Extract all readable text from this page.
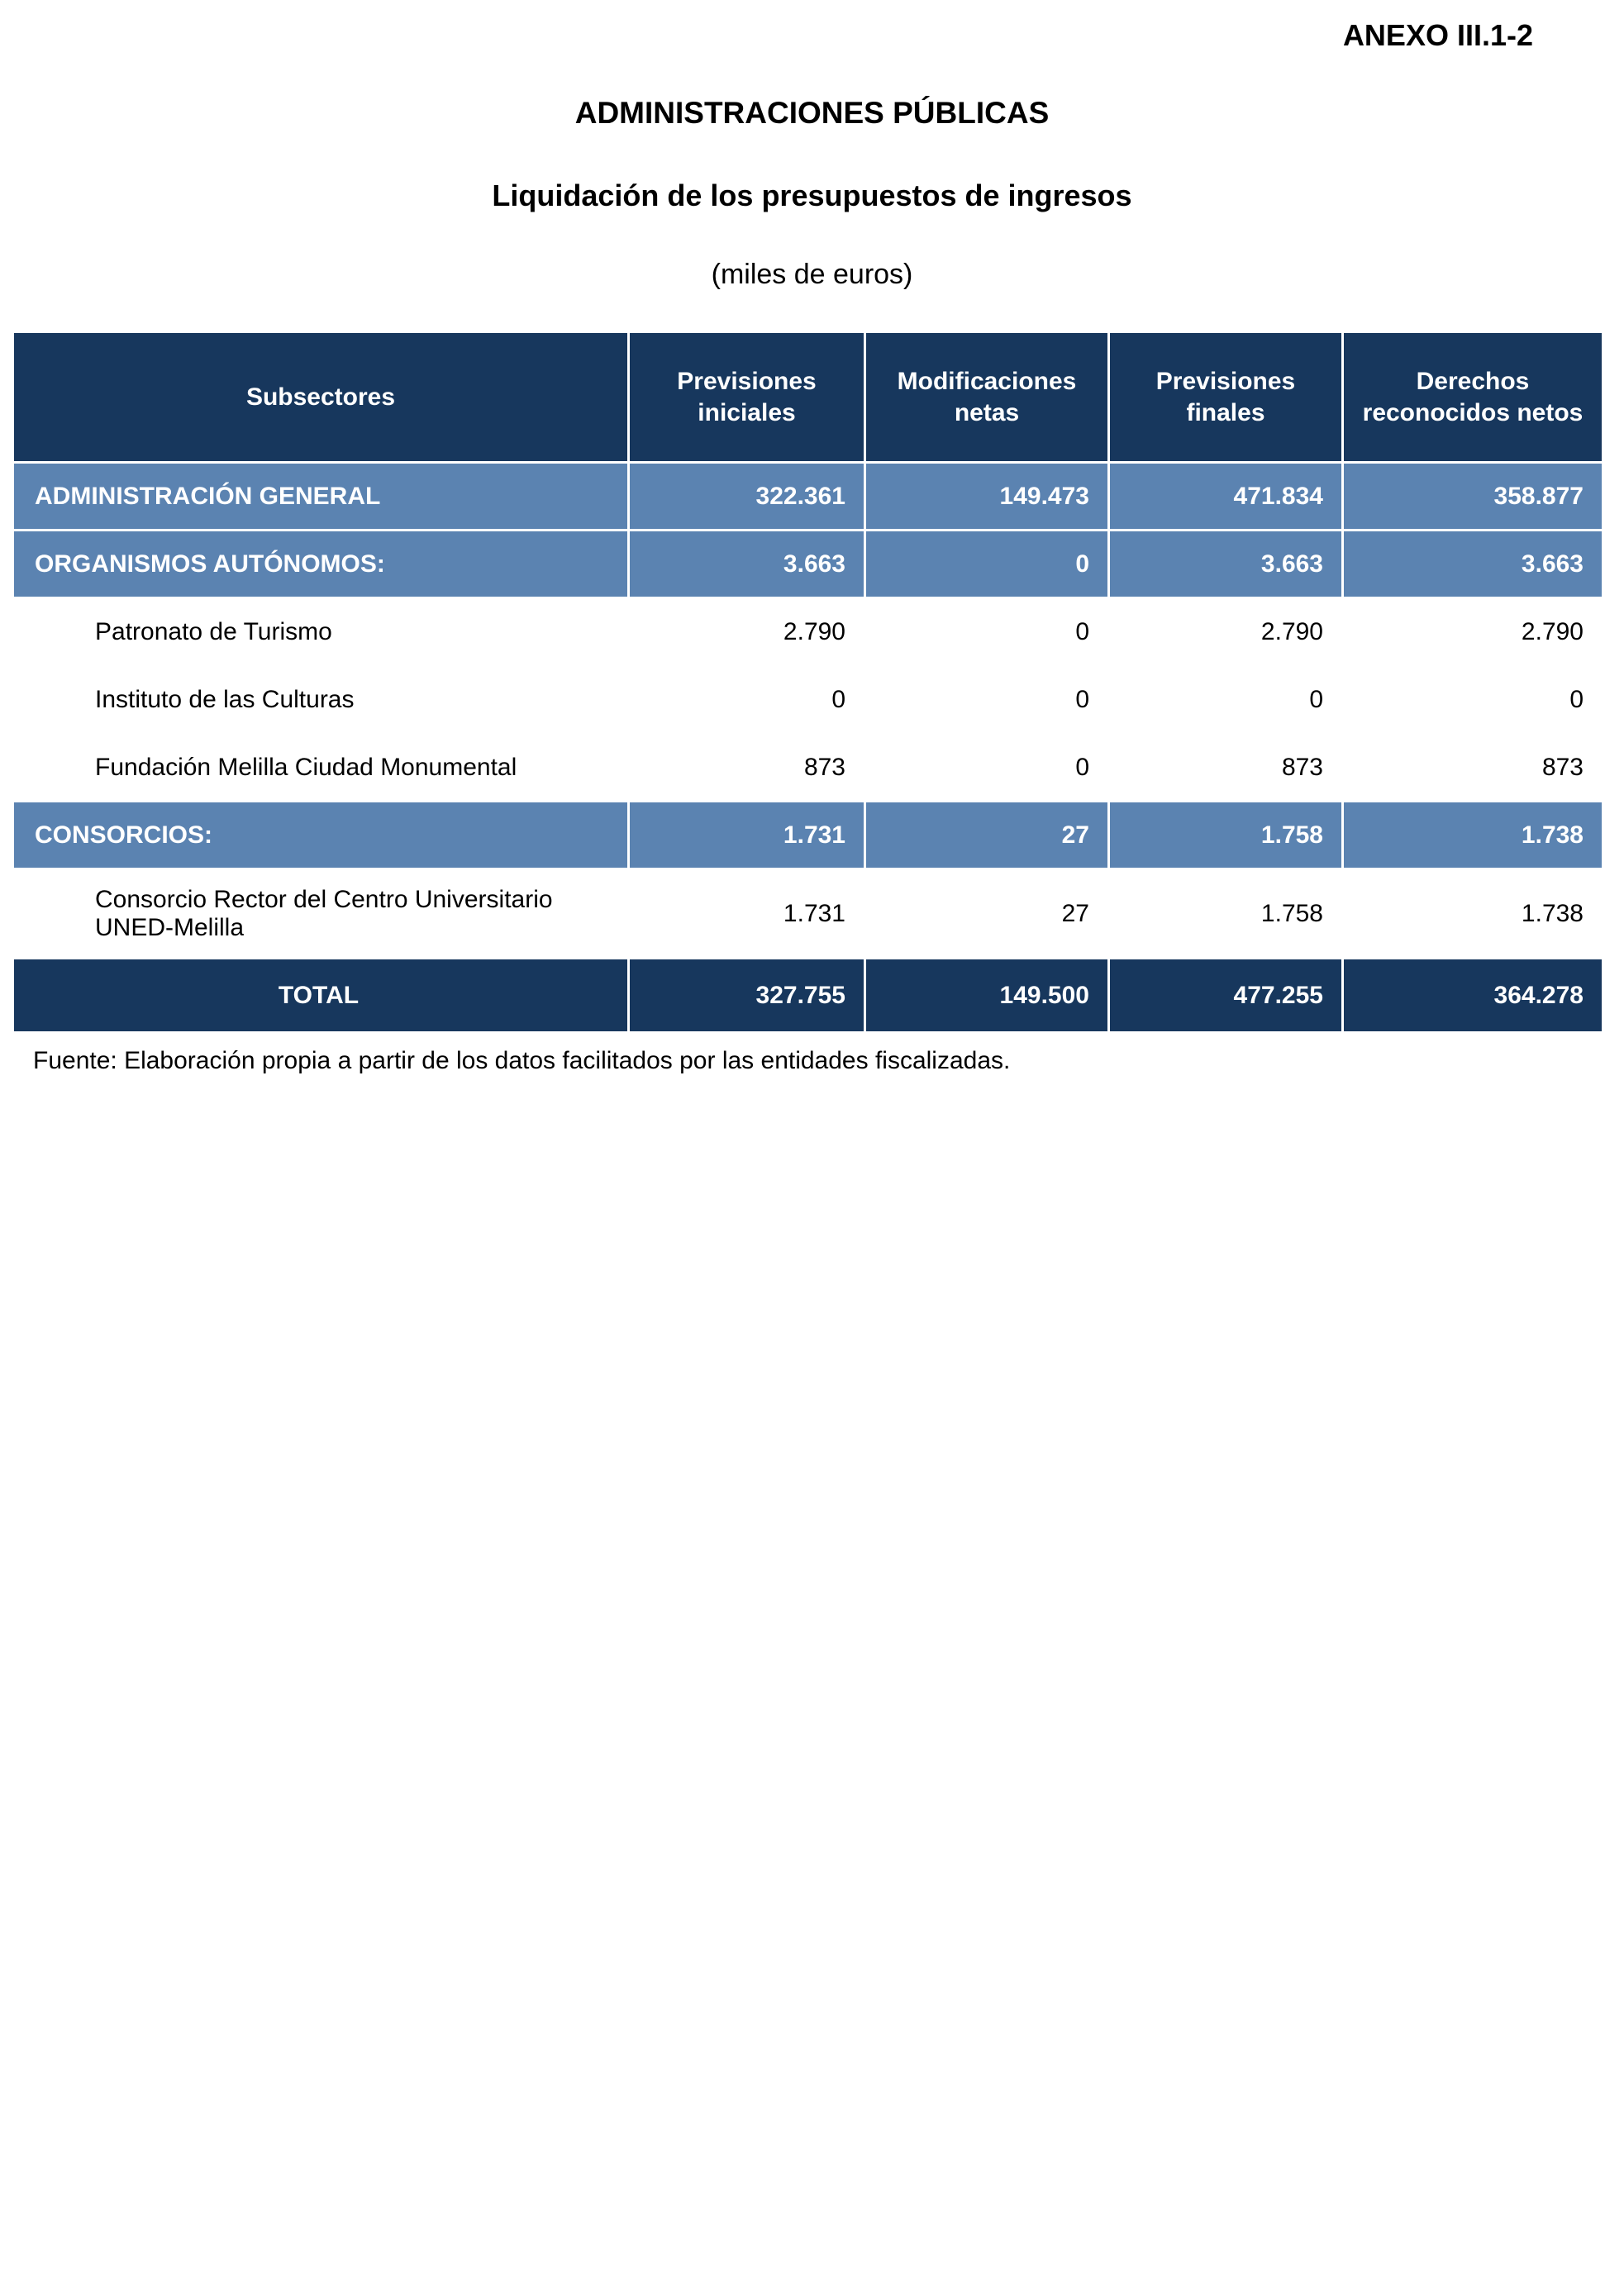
ANEXO III.1-2
ADMINISTRACIONES PÚBLICAS
Liquidación de los presupuestos de ingresos
(miles de euros)
Subsectores	Previsiones iniciales	Modificaciones netas	Previsiones finales	Derechos reconocidos netos
ADMINISTRACIÓN GENERAL	322.361	149.473	471.834	358.877
ORGANISMOS AUTÓNOMOS:	3.663	0	3.663	3.663
Patronato de Turismo	2.790	0	2.790	2.790
Instituto de las Culturas	0	0	0	0
Fundación Melilla Ciudad Monumental	873	0	873	873
CONSORCIOS:	1.731	27	1.758	1.738
Consorcio Rector del Centro Universitario UNED-Melilla	1.731	27	1.758	1.738
TOTAL	327.755	149.500	477.255	364.278
Fuente: Elaboración propia a partir de los datos facilitados por las entidades fiscalizadas.
